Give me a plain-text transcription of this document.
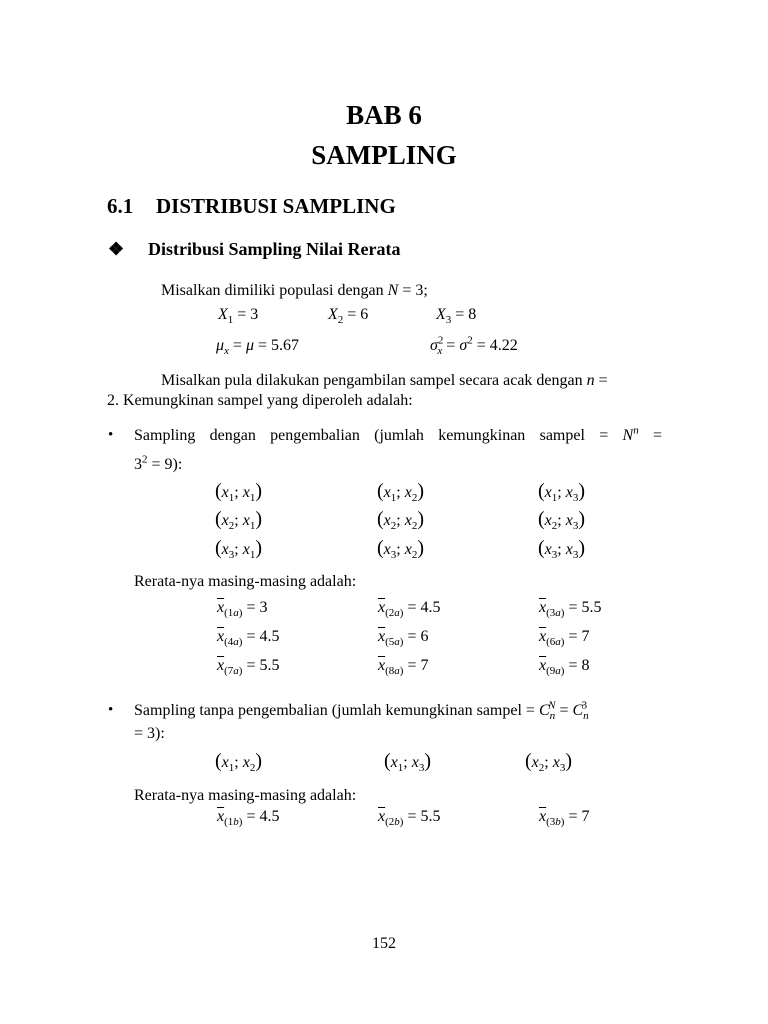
BAB 6
SAMPLING
6.1 DISTRIBUSI SAMPLING
❖ Distribusi Sampling Nilai Rerata
Misalkan dimiliki populasi dengan N = 3;
$X_1 = 3$	$X_2 = 6$	$X_3 = 8$
$\mu_x = \mu = 5.67$	$\sigma^2_x = \sigma^2 = 4.22$
Misalkan pula dilakukan pengambilan sampel secara acak dengan n =
2. Kemungkinan sampel yang diperoleh adalah:
• Sampling dengan pengembalian (jumlah kemungkinan sampel = $N^n$ =
$3^2 = 9$):
($x_1$; $x_1$)	($x_1$; $x_2$)	($x_1$; $x_3$)
($x_2$; $x_1$)	($x_2$; $x_2$)	($x_2$; $x_3$)
($x_3$; $x_1$)	($x_3$; $x_2$)	($x_3$; $x_3$)
Rerata-nya masing-masing adalah:
$\overline{x}_{(1a)} = 3$	$\overline{x}_{(2a)} = 4.5$	$\overline{x}_{(3a)} = 5.5$
$\overline{x}_{(4a)} = 4.5$	$\overline{x}_{(5a)} = 6$	$\overline{x}_{(6a)} = 7$
$\overline{x}_{(7a)} = 5.5$	$\overline{x}_{(8a)} = 7$	$\overline{x}_{(9a)} = 8$
• Sampling tanpa pengembalian (jumlah kemungkinan sampel = $C_n^N = C_n^3$
= 3):
($x_1$; $x_2$)	($x_1$; $x_3$)	($x_2$; $x_3$)
Rerata-nya masing-masing adalah:
$\overline{x}_{(1b)} = 4.5$	$\overline{x}_{(2b)} = 5.5$	$\overline{x}_{(3b)} = 7$
152
